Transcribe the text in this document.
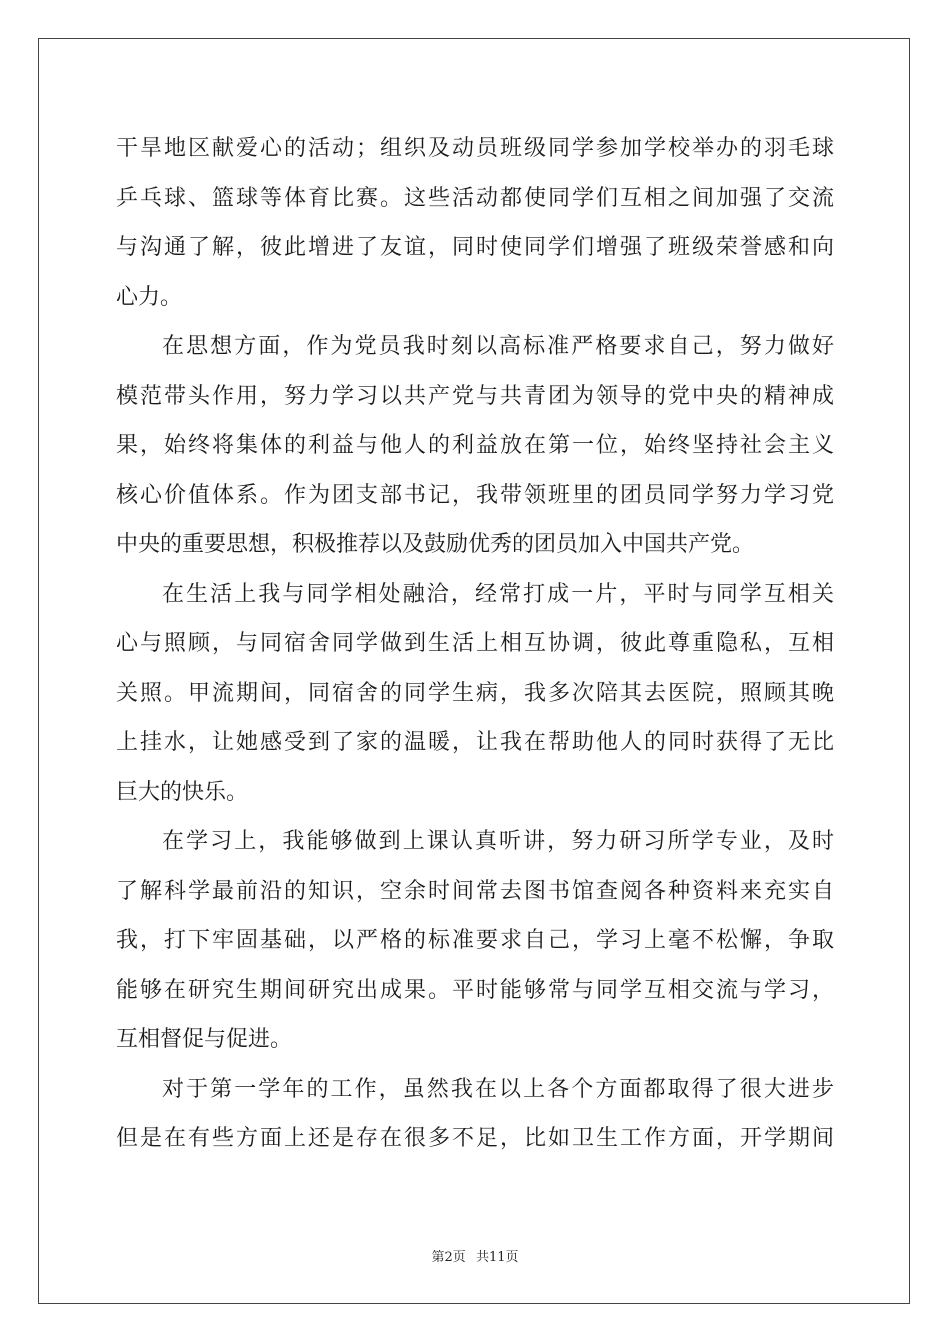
干旱地区献爱心的活动；组织及动员班级同学参加学校举办的羽毛球
乒乓球、篮球等体育比赛。这些活动都使同学们互相之间加强了交流
与沟通了解，彼此增进了友谊，同时使同学们增强了班级荣誉感和向
心力。
在思想方面，作为党员我时刻以高标准严格要求自己，努力做好
模范带头作用，努力学习以共产党与共青团为领导的党中央的精神成
果，始终将集体的利益与他人的利益放在第一位，始终坚持社会主义
核心价值体系。作为团支部书记，我带领班里的团员同学努力学习党
中央的重要思想，积极推荐以及鼓励优秀的团员加入中国共产党。
在生活上我与同学相处融洽，经常打成一片，平时与同学互相关
心与照顾，与同宿舍同学做到生活上相互协调，彼此尊重隐私，互相
关照。甲流期间，同宿舍的同学生病，我多次陪其去医院，照顾其晚
上挂水，让她感受到了家的温暖，让我在帮助他人的同时获得了无比
巨大的快乐。
在学习上，我能够做到上课认真听讲，努力研习所学专业，及时
了解科学最前沿的知识，空余时间常去图书馆查阅各种资料来充实自
我，打下牢固基础，以严格的标准要求自己，学习上毫不松懈，争取
能够在研究生期间研究出成果。平时能够常与同学互相交流与学习，
互相督促与促进。
对于第一学年的工作，虽然我在以上各个方面都取得了很大进步
但是在有些方面上还是存在很多不足，比如卫生工作方面，开学期间
第2页 共11页
